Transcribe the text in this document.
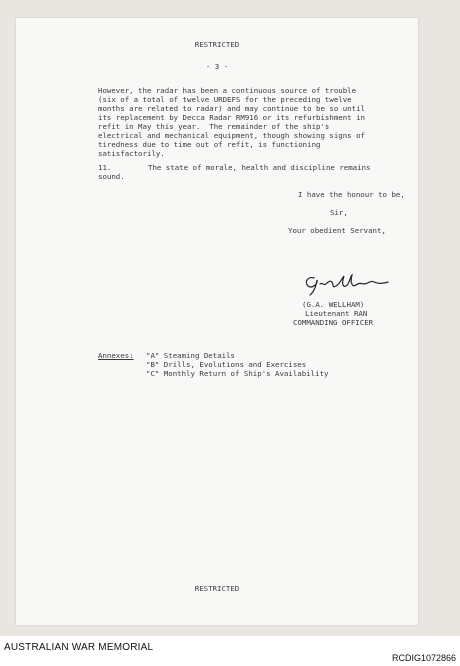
RESTRICTED
- 3 -
However, the radar has been a continuous source of trouble
(six of a total of twelve URDEFS for the preceding twelve
months are related to radar) and may continue to be so until
its replacement by Decca Radar RM916 or its refurbishment in
refit in May this year.  The remainder of the ship's
electrical and mechanical equipment, though showing signs of
tiredness due to time out of refit, is functioning
satisfactorily.
11.	The state of morale, health and discipline remains
sound.
I have the honour to be,
Sir,
Your obedient Servant,
(G.A. WELLHAM)
Lieutenant RAN
COMMANDING OFFICER
Annexes: "A" Steaming Details
"B" Drills, Evolutions and Exercises
"C" Monthly Return of Ship's Availability
RESTRICTED
AUSTRALIAN WAR MEMORIAL
RCDIG1072866
